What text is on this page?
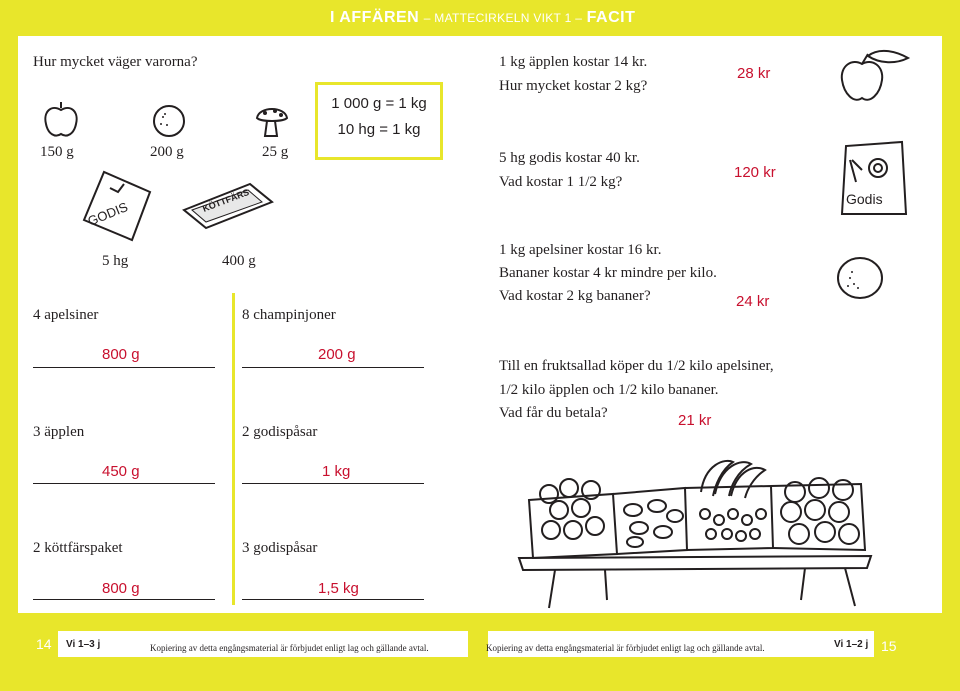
I AFFÄREN – MATTECIRKELN VIKT 1 – FACIT
Hur mycket väger varorna?
150 g	200 g	25 g
1 000 g = 1 kg
10 hg = 1 kg
GODIS	KÖTTFÄRS
5 hg	400 g
4 apelsiner	8 champinjoner
800 g	200 g
3 äpplen	2 godispåsar
450 g	1 kg
2 köttfärspaket	3 godispåsar
800 g	1,5 kg
1 kg äpplen kostar 14 kr.
Hur mycket kostar 2 kg?
28 kr
5 hg godis kostar 40 kr.
Vad kostar 1 1/2 kg?
120 kr
Godis
1 kg apelsiner kostar 16 kr.
Bananer kostar 4 kr mindre per kilo.
Vad kostar 2 kg bananer?	24 kr
Till en fruktsallad köper du 1/2 kilo apelsiner,
1/2 kilo äpplen och 1/2 kilo bananer.
Vad får du betala?	21 kr
14 Vi 1–3 j	Kopiering av detta engångsmaterial är förbjudet enligt lag och gällande avtal.	Kopiering av detta engångsmaterial är förbjudet enligt lag och gällande avtal.	Vi 1–2 j 15
